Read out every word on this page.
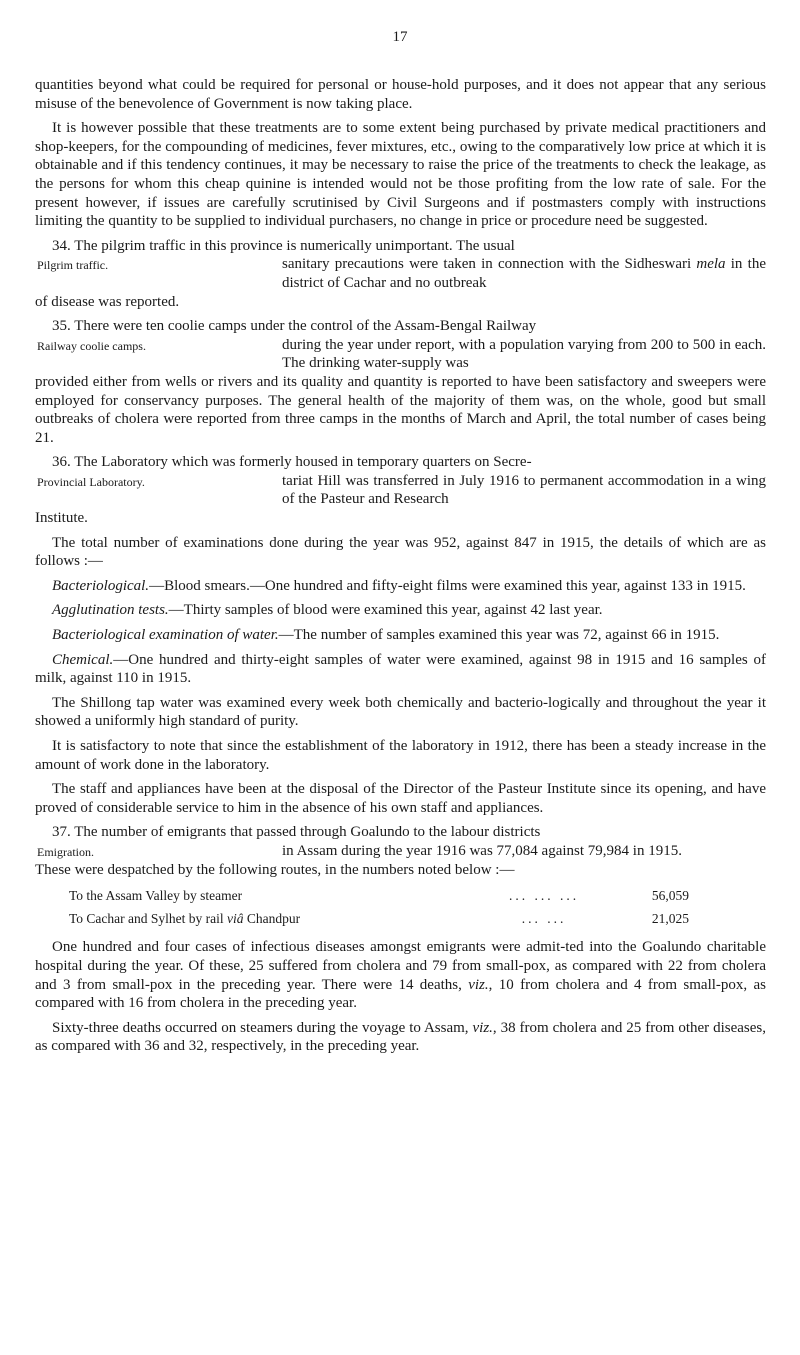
17

quantities beyond what could be required for personal or house-hold purposes, and it does not appear that any serious misuse of the benevolence of Government is now taking place.

It is however possible that these treatments are to some extent being purchased by private medical practitioners and shop-keepers, for the compounding of medicines, fever mixtures, etc., owing to the comparatively low price at which it is obtainable and if this tendency continues, it may be necessary to raise the price of the treatments to check the leakage, as the persons for whom this cheap quinine is intended would not be those profiting from the low rate of sale. For the present however, if issues are carefully scrutinised by Civil Surgeons and if postmasters comply with instructions limiting the quantity to be supplied to individual purchasers, no change in price or procedure need be suggested.

34. The pilgrim traffic in this province is numerically unimportant. The usual
Pilgrim traffic.	sanitary precautions were taken in connection with the Sidheswari mela in the district of Cachar and no outbreak
of disease was reported.
35. There were ten coolie camps under the control of the Assam-Bengal Railway
Railway coolie camps.	during the year under report, with a population varying from 200 to 500 in each. The drinking water-supply was
provided either from wells or rivers and its quality and quantity is reported to have been satisfactory and sweepers were employed for conservancy purposes. The general health of the majority of them was, on the whole, good but small outbreaks of cholera were reported from three camps in the months of March and April, the total number of cases being 21.
36. The Laboratory which was formerly housed in temporary quarters on Secre-
Provincial Laboratory.	tariat Hill was transferred in July 1916 to permanent accommodation in a wing of the Pasteur and Research
Institute.

The total number of examinations done during the year was 952, against 847 in 1915, the details of which are as follows :—

Bacteriological.—Blood smears.—One hundred and fifty-eight films were examined this year, against 133 in 1915.

Agglutination tests.—Thirty samples of blood were examined this year, against 42 last year.

Bacteriological examination of water.—The number of samples examined this year was 72, against 66 in 1915.

Chemical.—One hundred and thirty-eight samples of water were examined, against 98 in 1915 and 16 samples of milk, against 110 in 1915.

The Shillong tap water was examined every week both chemically and bacterio-logically and throughout the year it showed a uniformly high standard of purity.

It is satisfactory to note that since the establishment of the laboratory in 1912, there has been a steady increase in the amount of work done in the laboratory.

The staff and appliances have been at the disposal of the Director of the Pasteur Institute since its opening, and have proved of considerable service to him in the absence of his own staff and appliances.

37. The number of emigrants that passed through Goalundo to the labour districts
Emigration.	in Assam during the year 1916 was 77,084 against 79,984 in 1915.
These were despatched by the following routes, in the numbers noted below :—
To the Assam Valley by steamer	... ... ...	56,059
To Cachar and Sylhet by rail viâ Chandpur	... ...	21,025

One hundred and four cases of infectious diseases amongst emigrants were admit-ted into the Goalundo charitable hospital during the year. Of these, 25 suffered from cholera and 79 from small-pox, as compared with 22 from cholera and 3 from small-pox in the preceding year. There were 14 deaths, viz., 10 from cholera and 4 from small-pox, as compared with 16 from cholera in the preceding year.

Sixty-three deaths occurred on steamers during the voyage to Assam, viz., 38 from cholera and 25 from other diseases, as compared with 36 and 32, respectively, in the preceding year.
